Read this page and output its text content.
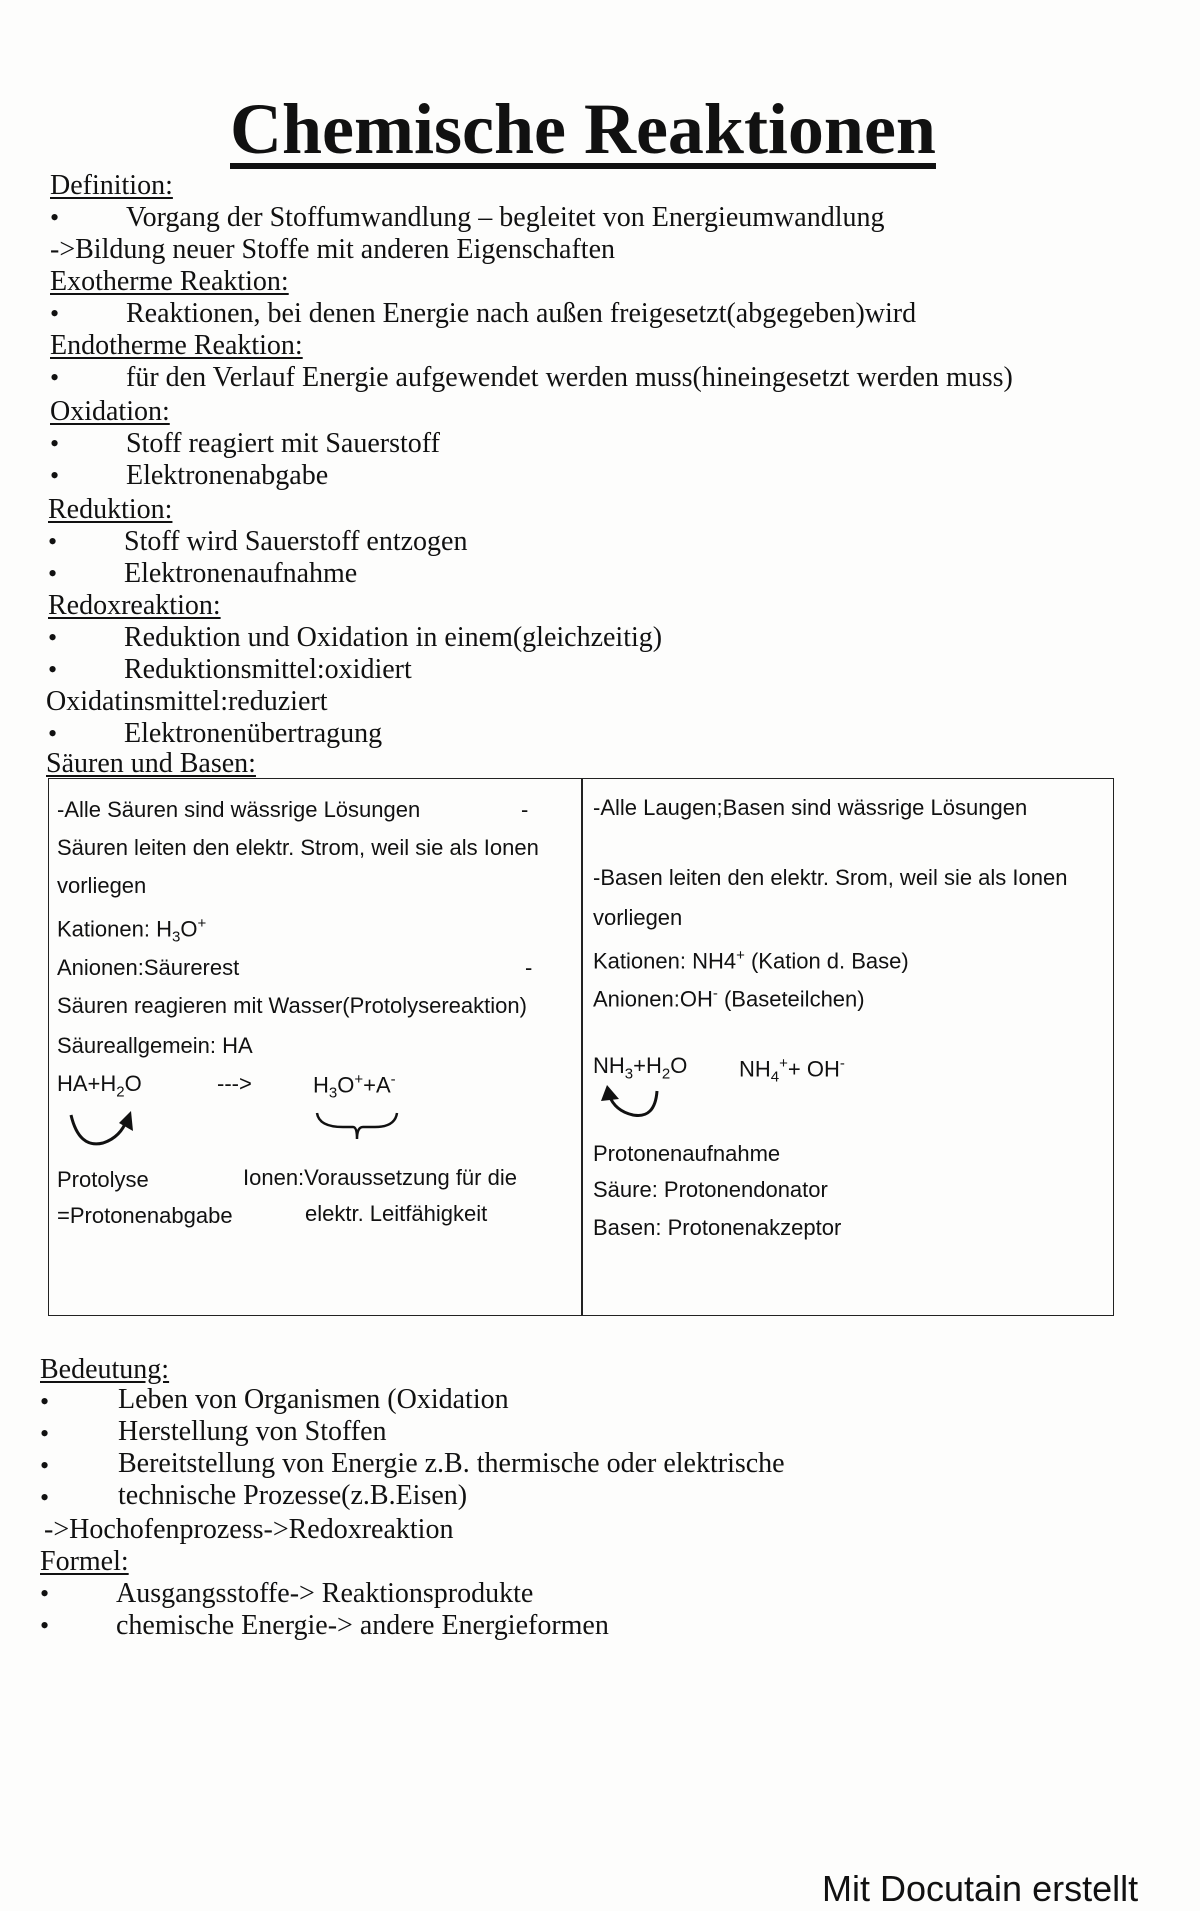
Chemische Reaktionen
Definition:
• Vorgang der Stoffumwandlung – begleitet von Energieumwandlung
->Bildung neuer Stoffe mit anderen Eigenschaften
Exotherme Reaktion:
• Reaktionen, bei denen Energie nach außen freigesetzt(abgegeben)wird
Endotherme Reaktion:
• für den Verlauf Energie aufgewendet werden muss(hineingesetzt werden muss)
Oxidation:
• Stoff reagiert mit Sauerstoff
• Elektronenabgabe
Reduktion:
• Stoff wird Sauerstoff entzogen
• Elektronenaufnahme
Redoxreaktion:
• Reduktion und Oxidation in einem(gleichzeitig)
• Reduktionsmittel:oxidiert
Oxidatinsmittel:reduziert
• Elektronenübertragung
Säuren und Basen:
-Alle Säuren sind wässrige Lösungen	-
Säuren leiten den elektr. Strom, weil sie als Ionen
vorliegen
Kationen: $H_3O^+$
Anionen:Säurerest	-
Säuren reagieren mit Wasser(Protolysereaktion)
Säureallgemein: HA
$HA+H_2O$	--->	$H_3O^++A^-$
Protolyse	Ionen:Voraussetzung für die
=Protonenabgabe	elektr. Leitfähigkeit
-Alle Laugen;Basen sind wässrige Lösungen
-Basen leiten den elektr. Srom, weil sie als Ionen
vorliegen
Kationen: NH4+ (Kation d. Base)
Anionen:OH- (Baseteilchen)
$NH_3+H_2O$ $NH_4^++ OH^-$
Protonenaufnahme
Säure: Protonendonator
Basen: Protonenakzeptor
Bedeutung:
• Leben von Organismen (Oxidation
• Herstellung von Stoffen
• Bereitstellung von Energie z.B. thermische oder elektrische
• technische Prozesse(z.B.Eisen)
->Hochofenprozess->Redoxreaktion
Formel:
• Ausgangsstoffe-> Reaktionsprodukte
• chemische Energie-> andere Energieformen
Mit Docutain erstellt
